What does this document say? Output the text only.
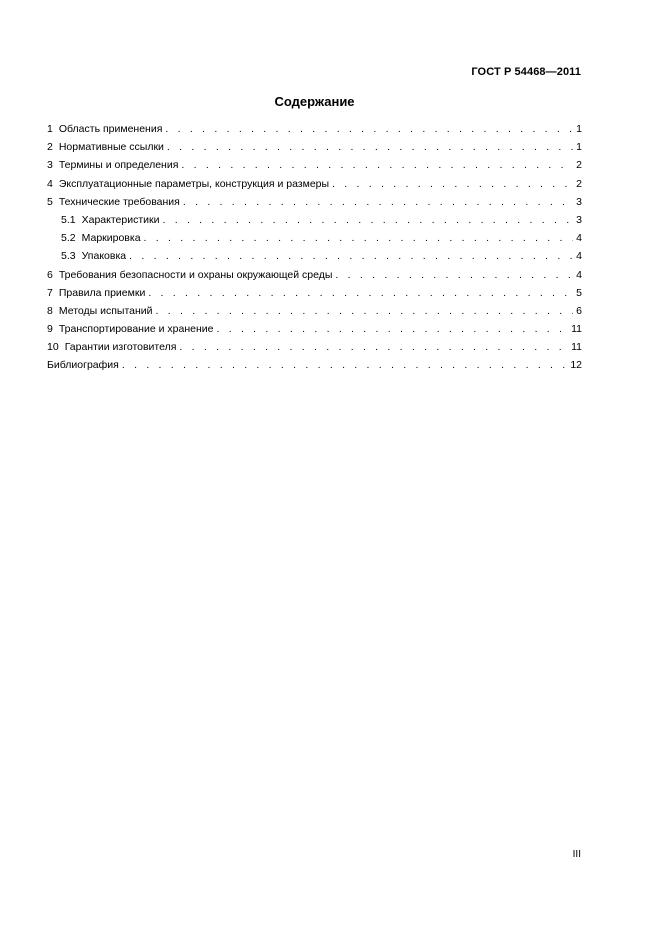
ГОСТ Р 54468—2011
Содержание
1 Область применения . . .	1
2 Нормативные ссылки . . .	1
3 Термины и определения . . .	2
4 Эксплуатационные параметры, конструкция и размеры . . .	2
5 Технические требования . . .	3
5.1 Характеристики . . .	3
5.2 Маркировка . . .	4
5.3 Упаковка . . .	4
6 Требования безопасности и охраны окружающей среды . . .	4
7 Правила приемки . . .	5
8 Методы испытаний . . .	6
9 Транспортирование и хранение . . .	11
10 Гарантии изготовителя . . .	11
Библиография . . .	12
III
